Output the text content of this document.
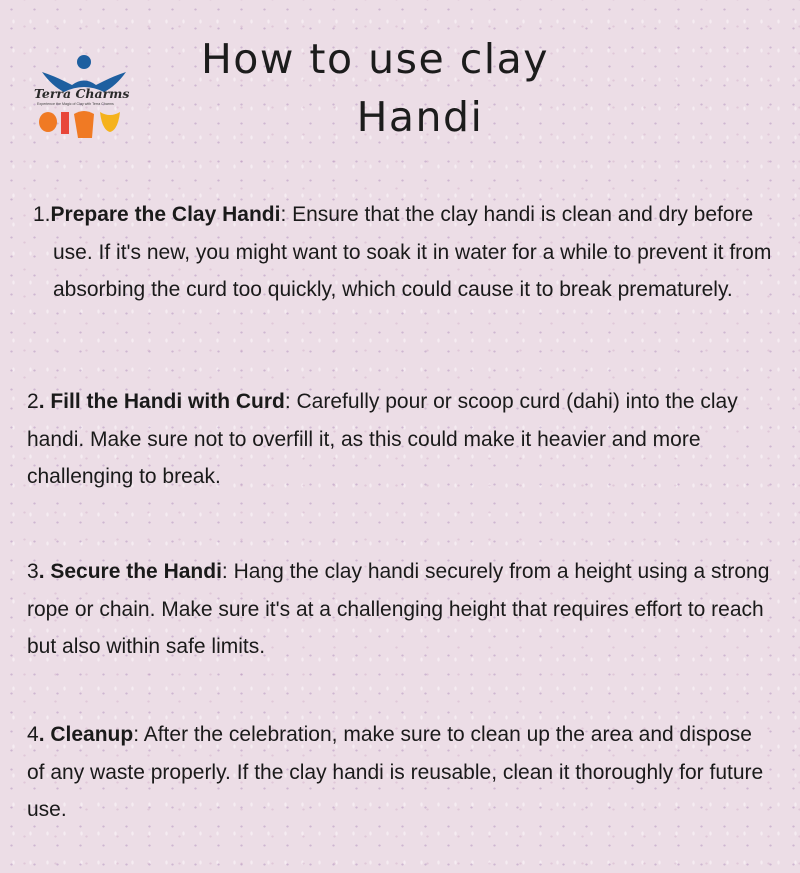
Terra Charms
Experience the Magic of Clay with Terra Charms
How to use clay
Handi
1.Prepare the Clay Handi: Ensure that the clay handi is clean and dry before use. If it's new, you might want to soak it in water for a while to prevent it from absorbing the curd too quickly, which could cause it to break prematurely.
2. Fill the Handi with Curd: Carefully pour or scoop curd (dahi) into the clay handi. Make sure not to overfill it, as this could make it heavier and more challenging to break.
3. Secure the Handi: Hang the clay handi securely from a height using a strong rope or chain. Make sure it's at a challenging height that requires effort to reach but also within safe limits.
4. Cleanup: After the celebration, make sure to clean up the area and dispose of any waste properly. If the clay handi is reusable, clean it thoroughly for future use.
